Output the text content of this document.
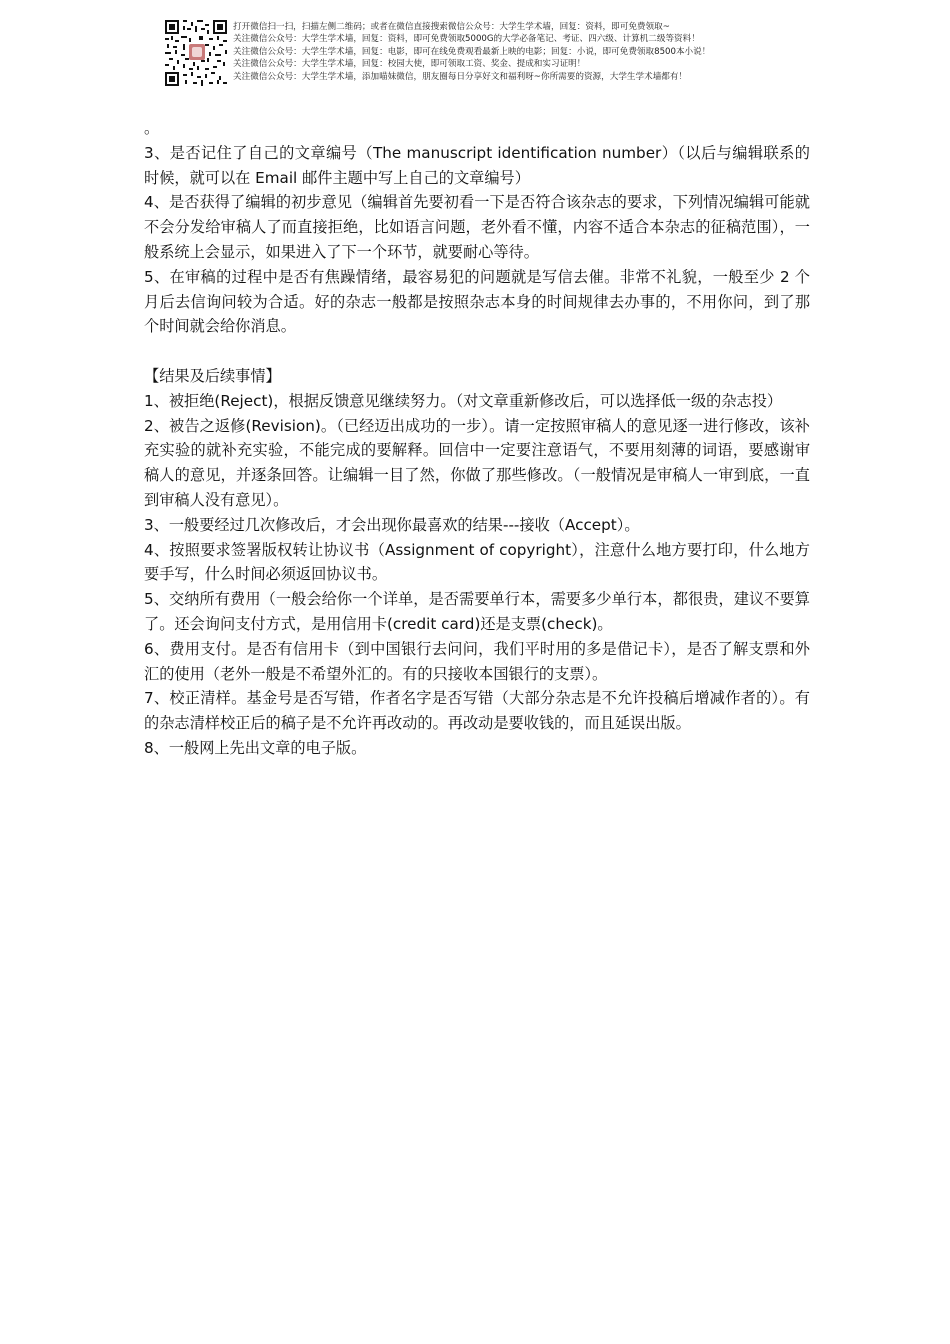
打开微信扫一扫，扫描左侧二维码；或者在微信直接搜索微信公众号：大学生学术墙，回复：资料，即可免费领取~
关注微信公众号：大学生学术墙，回复：资料，即可免费领取5000G的大学必备笔记、考证、四六级、计算机二级等资料！
关注微信公众号：大学生学术墙，回复：电影，即可在线免费观看最新上映的电影；回复：小说，即可免费领取8500本小说！
关注微信公众号：大学生学术墙，回复：校园大使，即可领取工资、奖金、提成和实习证明！
关注微信公众号：大学生学术墙，添加喵妹微信，朋友圈每日分享好文和福利呀~你所需要的资源，大学生学术墙都有！

。

3、是否记住了自己的文章编号（The manuscript identification number）（以后与编辑联系的时候，就可以在 Email 邮件主题中写上自己的文章编号）

4、是否获得了编辑的初步意见（编辑首先要初看一下是否符合该杂志的要求，下列情况编辑可能就不会分发给审稿人了而直接拒绝，比如语言问题，老外看不懂，内容不适合本杂志的征稿范围），一般系统上会显示，如果进入了下一个环节，就要耐心等待。

5、在审稿的过程中是否有焦躁情绪，最容易犯的问题就是写信去催。非常不礼貌，一般至少 2 个月后去信询问较为合适。好的杂志一般都是按照杂志本身的时间规律去办事的，不用你问，到了那个时间就会给你消息。

【结果及后续事情】

1、被拒绝(Reject)，根据反馈意见继续努力。（对文章重新修改后，可以选择低一级的杂志投）

2、被告之返修(Revision)。（已经迈出成功的一步）。请一定按照审稿人的意见逐一进行修改，该补充实验的就补充实验，不能完成的要解释。回信中一定要注意语气，不要用刻薄的词语，要感谢审稿人的意见，并逐条回答。让编辑一目了然，你做了那些修改。（一般情况是审稿人一审到底，一直到审稿人没有意见）。

3、一般要经过几次修改后，才会出现你最喜欢的结果---接收（Accept）。

4、按照要求签署版权转让协议书（Assignment of copyright），注意什么地方要打印，什么地方要手写，什么时间必须返回协议书。

5、交纳所有费用（一般会给你一个详单，是否需要单行本，需要多少单行本，都很贵，建议不要算了。还会询问支付方式，是用信用卡(credit card)还是支票(check)。

6、费用支付。是否有信用卡（到中国银行去问问，我们平时用的多是借记卡），是否了解支票和外汇的使用（老外一般是不希望外汇的。有的只接收本国银行的支票）。

7、校正清样。基金号是否写错，作者名字是否写错（大部分杂志是不允许投稿后增减作者的）。有的杂志清样校正后的稿子是不允许再改动的。再改动是要收钱的，而且延误出版。

8、一般网上先出文章的电子版。
